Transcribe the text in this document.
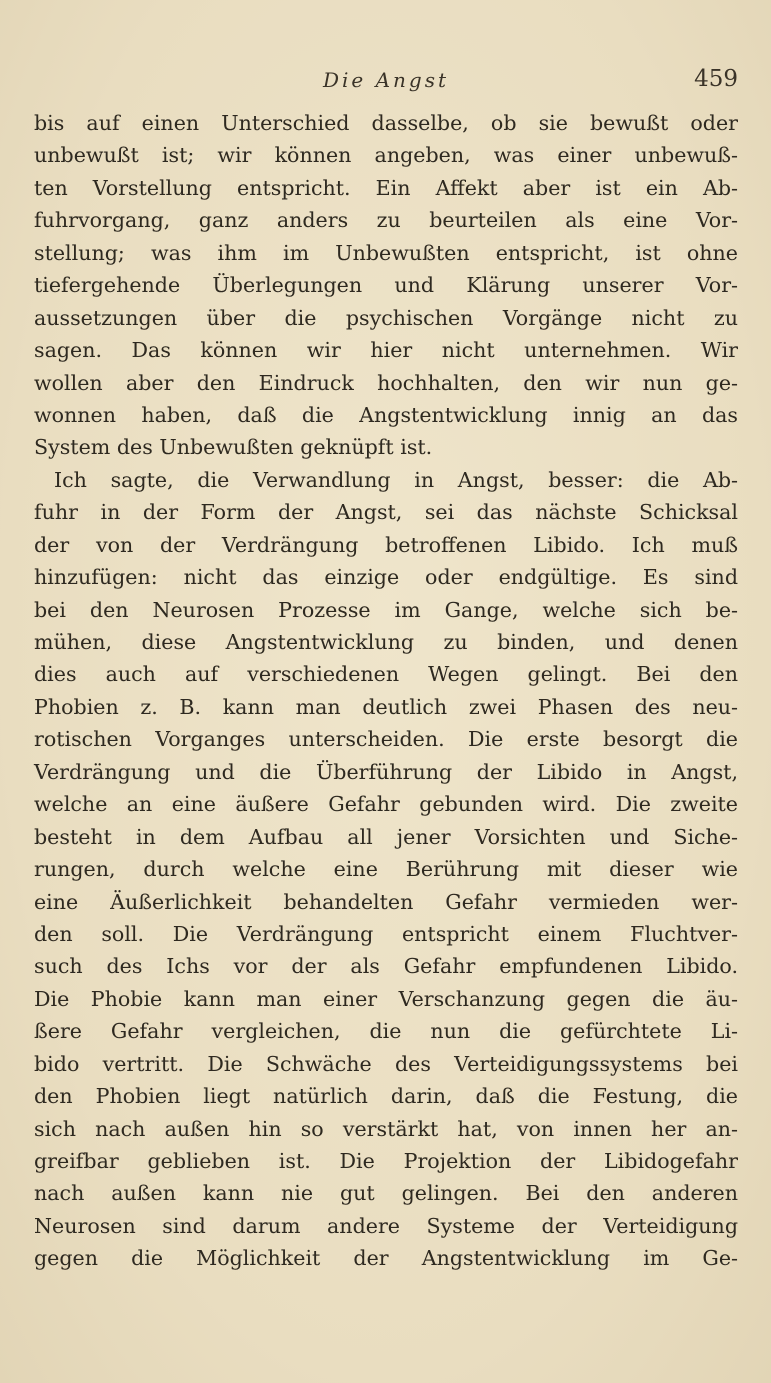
Die Angst	459
bis auf einen Unterschied dasselbe, ob sie bewußt oder
unbewußt ist; wir können angeben, was einer unbewuß-
ten Vorstellung entspricht. Ein Affekt aber ist ein Ab-
fuhrvorgang, ganz anders zu beurteilen als eine Vor-
stellung; was ihm im Unbewußten entspricht, ist ohne
tiefergehende Überlegungen und Klärung unserer Vor-
aussetzungen über die psychischen Vorgänge nicht zu
sagen. Das können wir hier nicht unternehmen. Wir
wollen aber den Eindruck hochhalten, den wir nun ge-
wonnen haben, daß die Angstentwicklung innig an das
System des Unbewußten geknüpft ist.
Ich sagte, die Verwandlung in Angst, besser: die Ab-
fuhr in der Form der Angst, sei das nächste Schicksal
der von der Verdrängung betroffenen Libido. Ich muß
hinzufügen: nicht das einzige oder endgültige. Es sind
bei den Neurosen Prozesse im Gange, welche sich be-
mühen, diese Angstentwicklung zu binden, und denen
dies auch auf verschiedenen Wegen gelingt. Bei den
Phobien z. B. kann man deutlich zwei Phasen des neu-
rotischen Vorganges unterscheiden. Die erste besorgt die
Verdrängung und die Überführung der Libido in Angst,
welche an eine äußere Gefahr gebunden wird. Die zweite
besteht in dem Aufbau all jener Vorsichten und Siche-
rungen, durch welche eine Berührung mit dieser wie
eine Äußerlichkeit behandelten Gefahr vermieden wer-
den soll. Die Verdrängung entspricht einem Fluchtver-
such des Ichs vor der als Gefahr empfundenen Libido.
Die Phobie kann man einer Verschanzung gegen die äu-
ßere Gefahr vergleichen, die nun die gefürchtete Li-
bido vertritt. Die Schwäche des Verteidigungssystems bei
den Phobien liegt natürlich darin, daß die Festung, die
sich nach außen hin so verstärkt hat, von innen her an-
greifbar geblieben ist. Die Projektion der Libidogefahr
nach außen kann nie gut gelingen. Bei den anderen
Neurosen sind darum andere Systeme der Verteidigung
gegen die Möglichkeit der Angstentwicklung im Ge-
